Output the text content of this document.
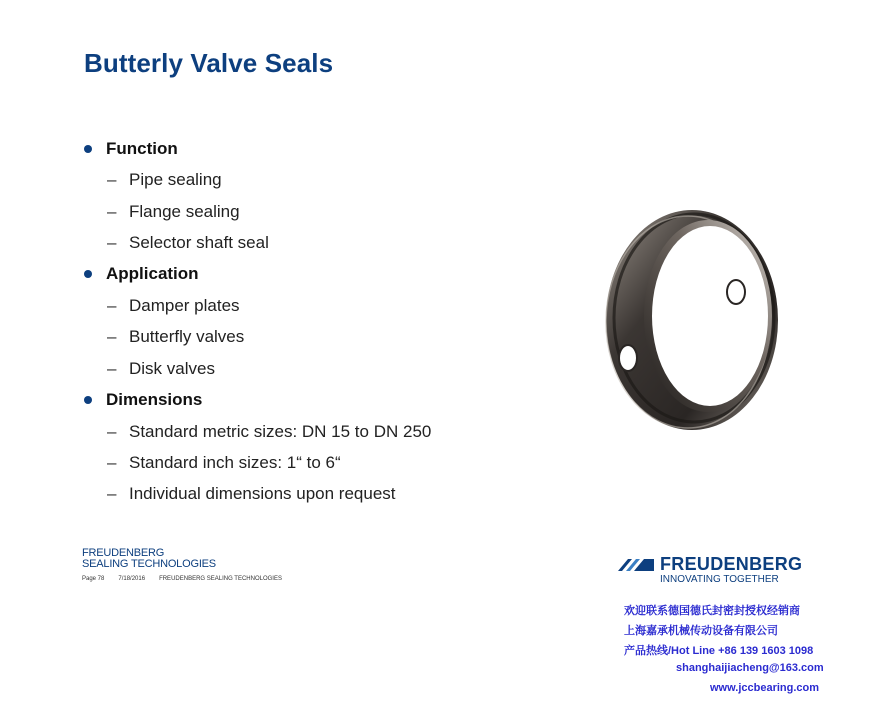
Butterly Valve Seals
Function
– Pipe sealing
– Flange sealing
– Selector shaft seal
Application
– Damper plates
– Butterfly valves
– Disk valves
Dimensions
– Standard metric sizes: DN 15 to DN 250
– Standard inch sizes: 1“ to 6“
– Individual dimensions upon request
FREUDENBERG
SEALING TECHNOLOGIES
Page 78 7/18/2016 FREUDENBERG SEALING TECHNOLOGIES
FREUDENBERG
INNOVATING TOGETHER
欢迎联系德国德氏封密封授权经销商
上海嘉承机械传动设备有限公司
产品热线/Hot Line +86 139 1603 1098
shanghaijiacheng@163.com
www.jccbearing.com
